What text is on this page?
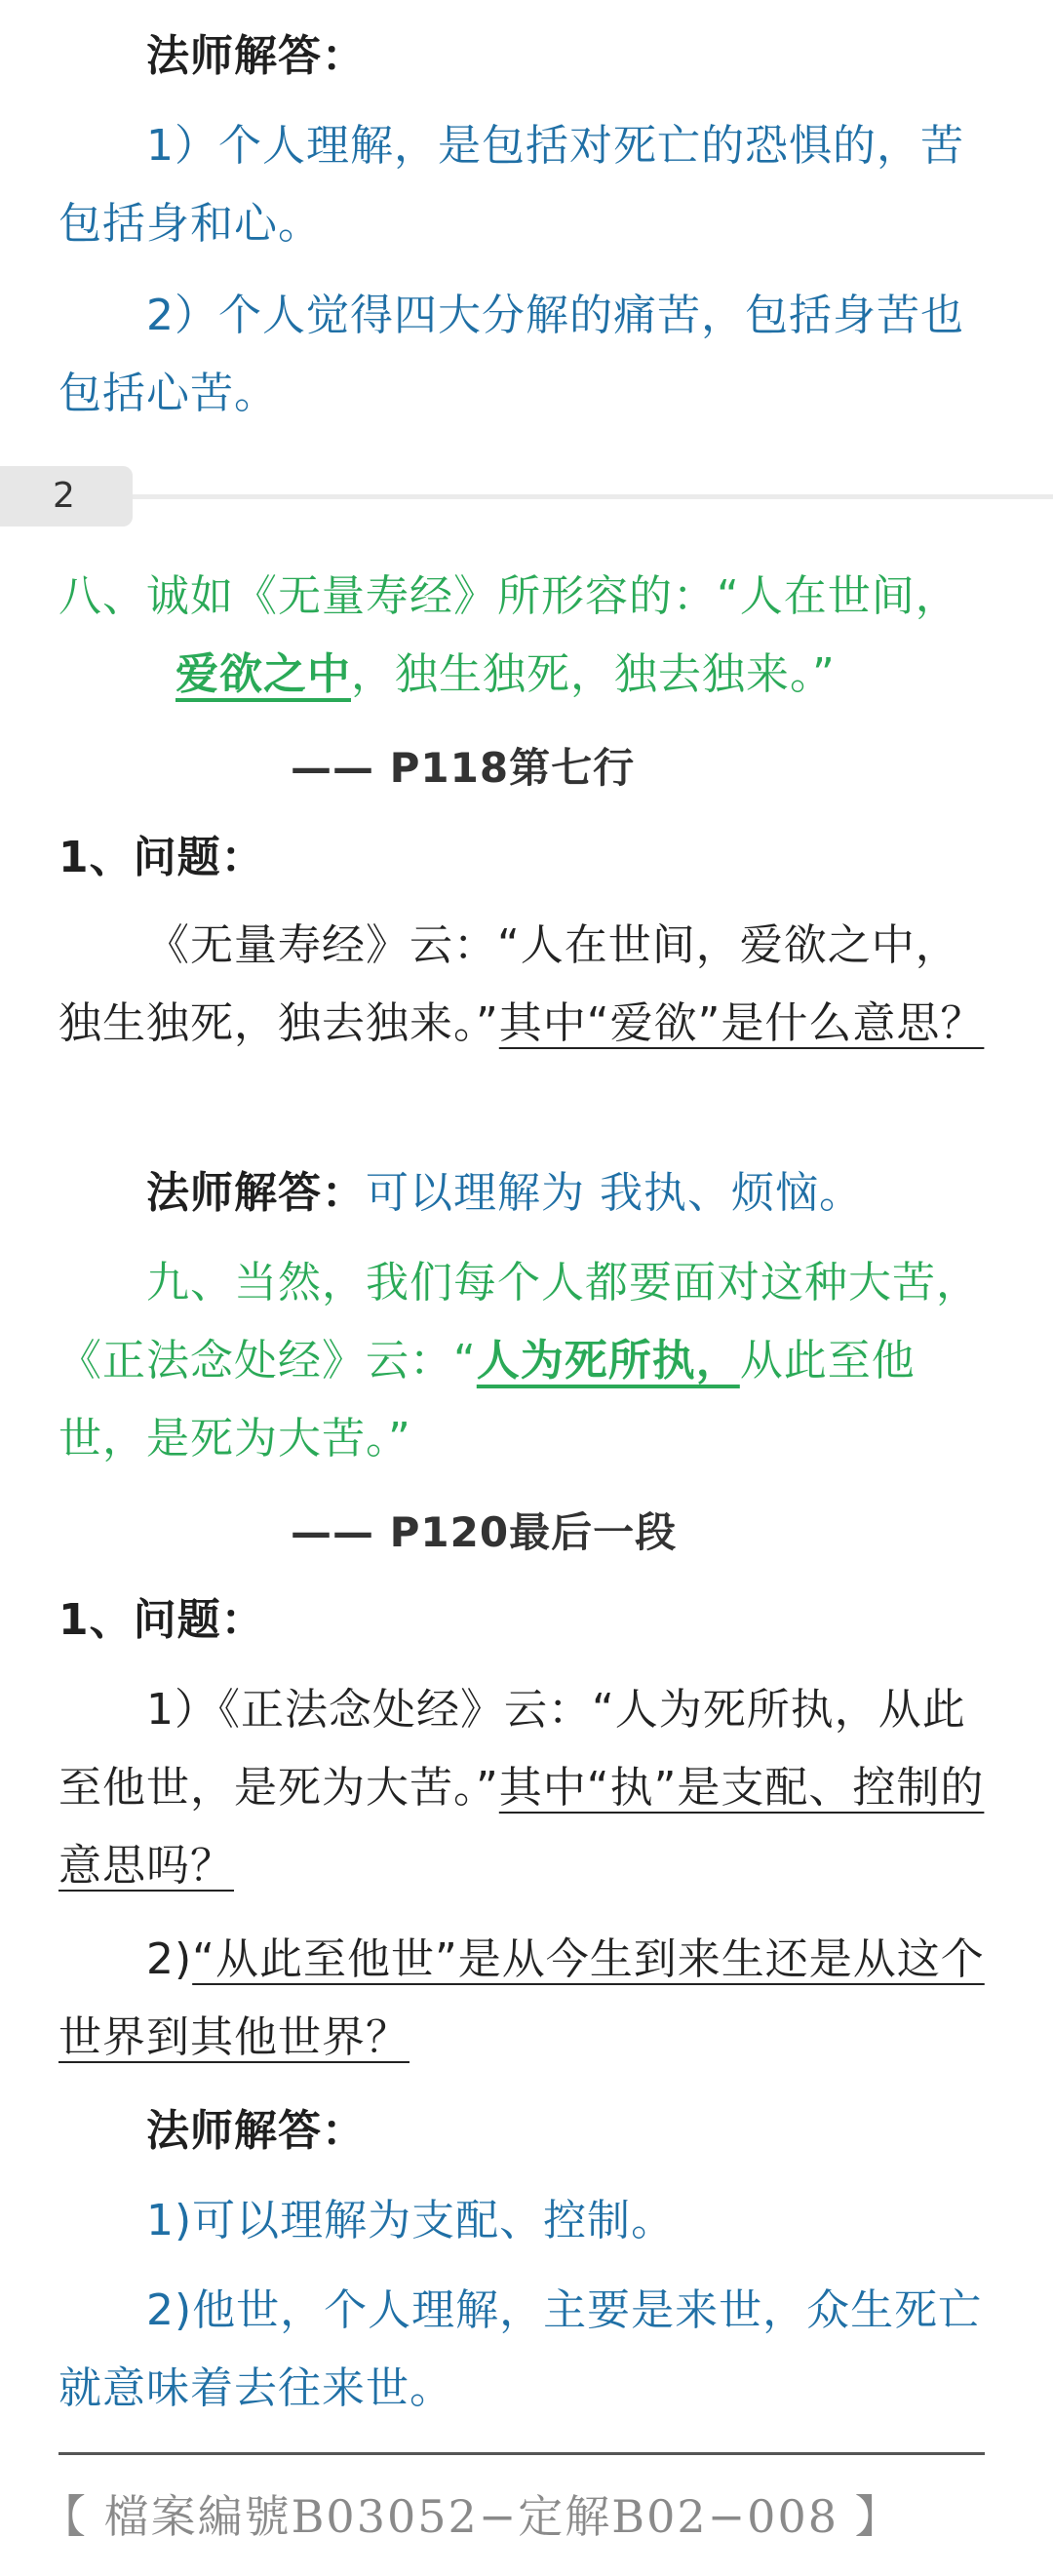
法师解答：
1）个人理解，是包括对死亡的恐惧的，苦包括身和心。
2）个人觉得四大分解的痛苦，包括身苦也包括心苦。
2
八、诚如《无量寿经》所形容的：“人在世间，
爱欲之中，独生独死，独去独来。”
—— P118第七行
1、问题：
《无量寿经》云：“人在世间，爱欲之中，独生独死，独去独来。”其中“爱欲”是什么意思？
法师解答：可以理解为 我执、烦恼。
九、当然，我们每个人都要面对这种大苦，《正法念处经》云：“人为死所执，从此至他世，是死为大苦。”
—— P120最后一段
1、问题：
1）《正法念处经》云：“人为死所执，从此至他世，是死为大苦。”其中“执”是支配、控制的意思吗？
2)“从此至他世”是从今生到来生还是从这个世界到其他世界？
法师解答：
1)可以理解为支配、控制。
2)他世，个人理解，主要是来世，众生死亡就意味着去往来世。
【 檔案編號B03052−定解B02−008 】
